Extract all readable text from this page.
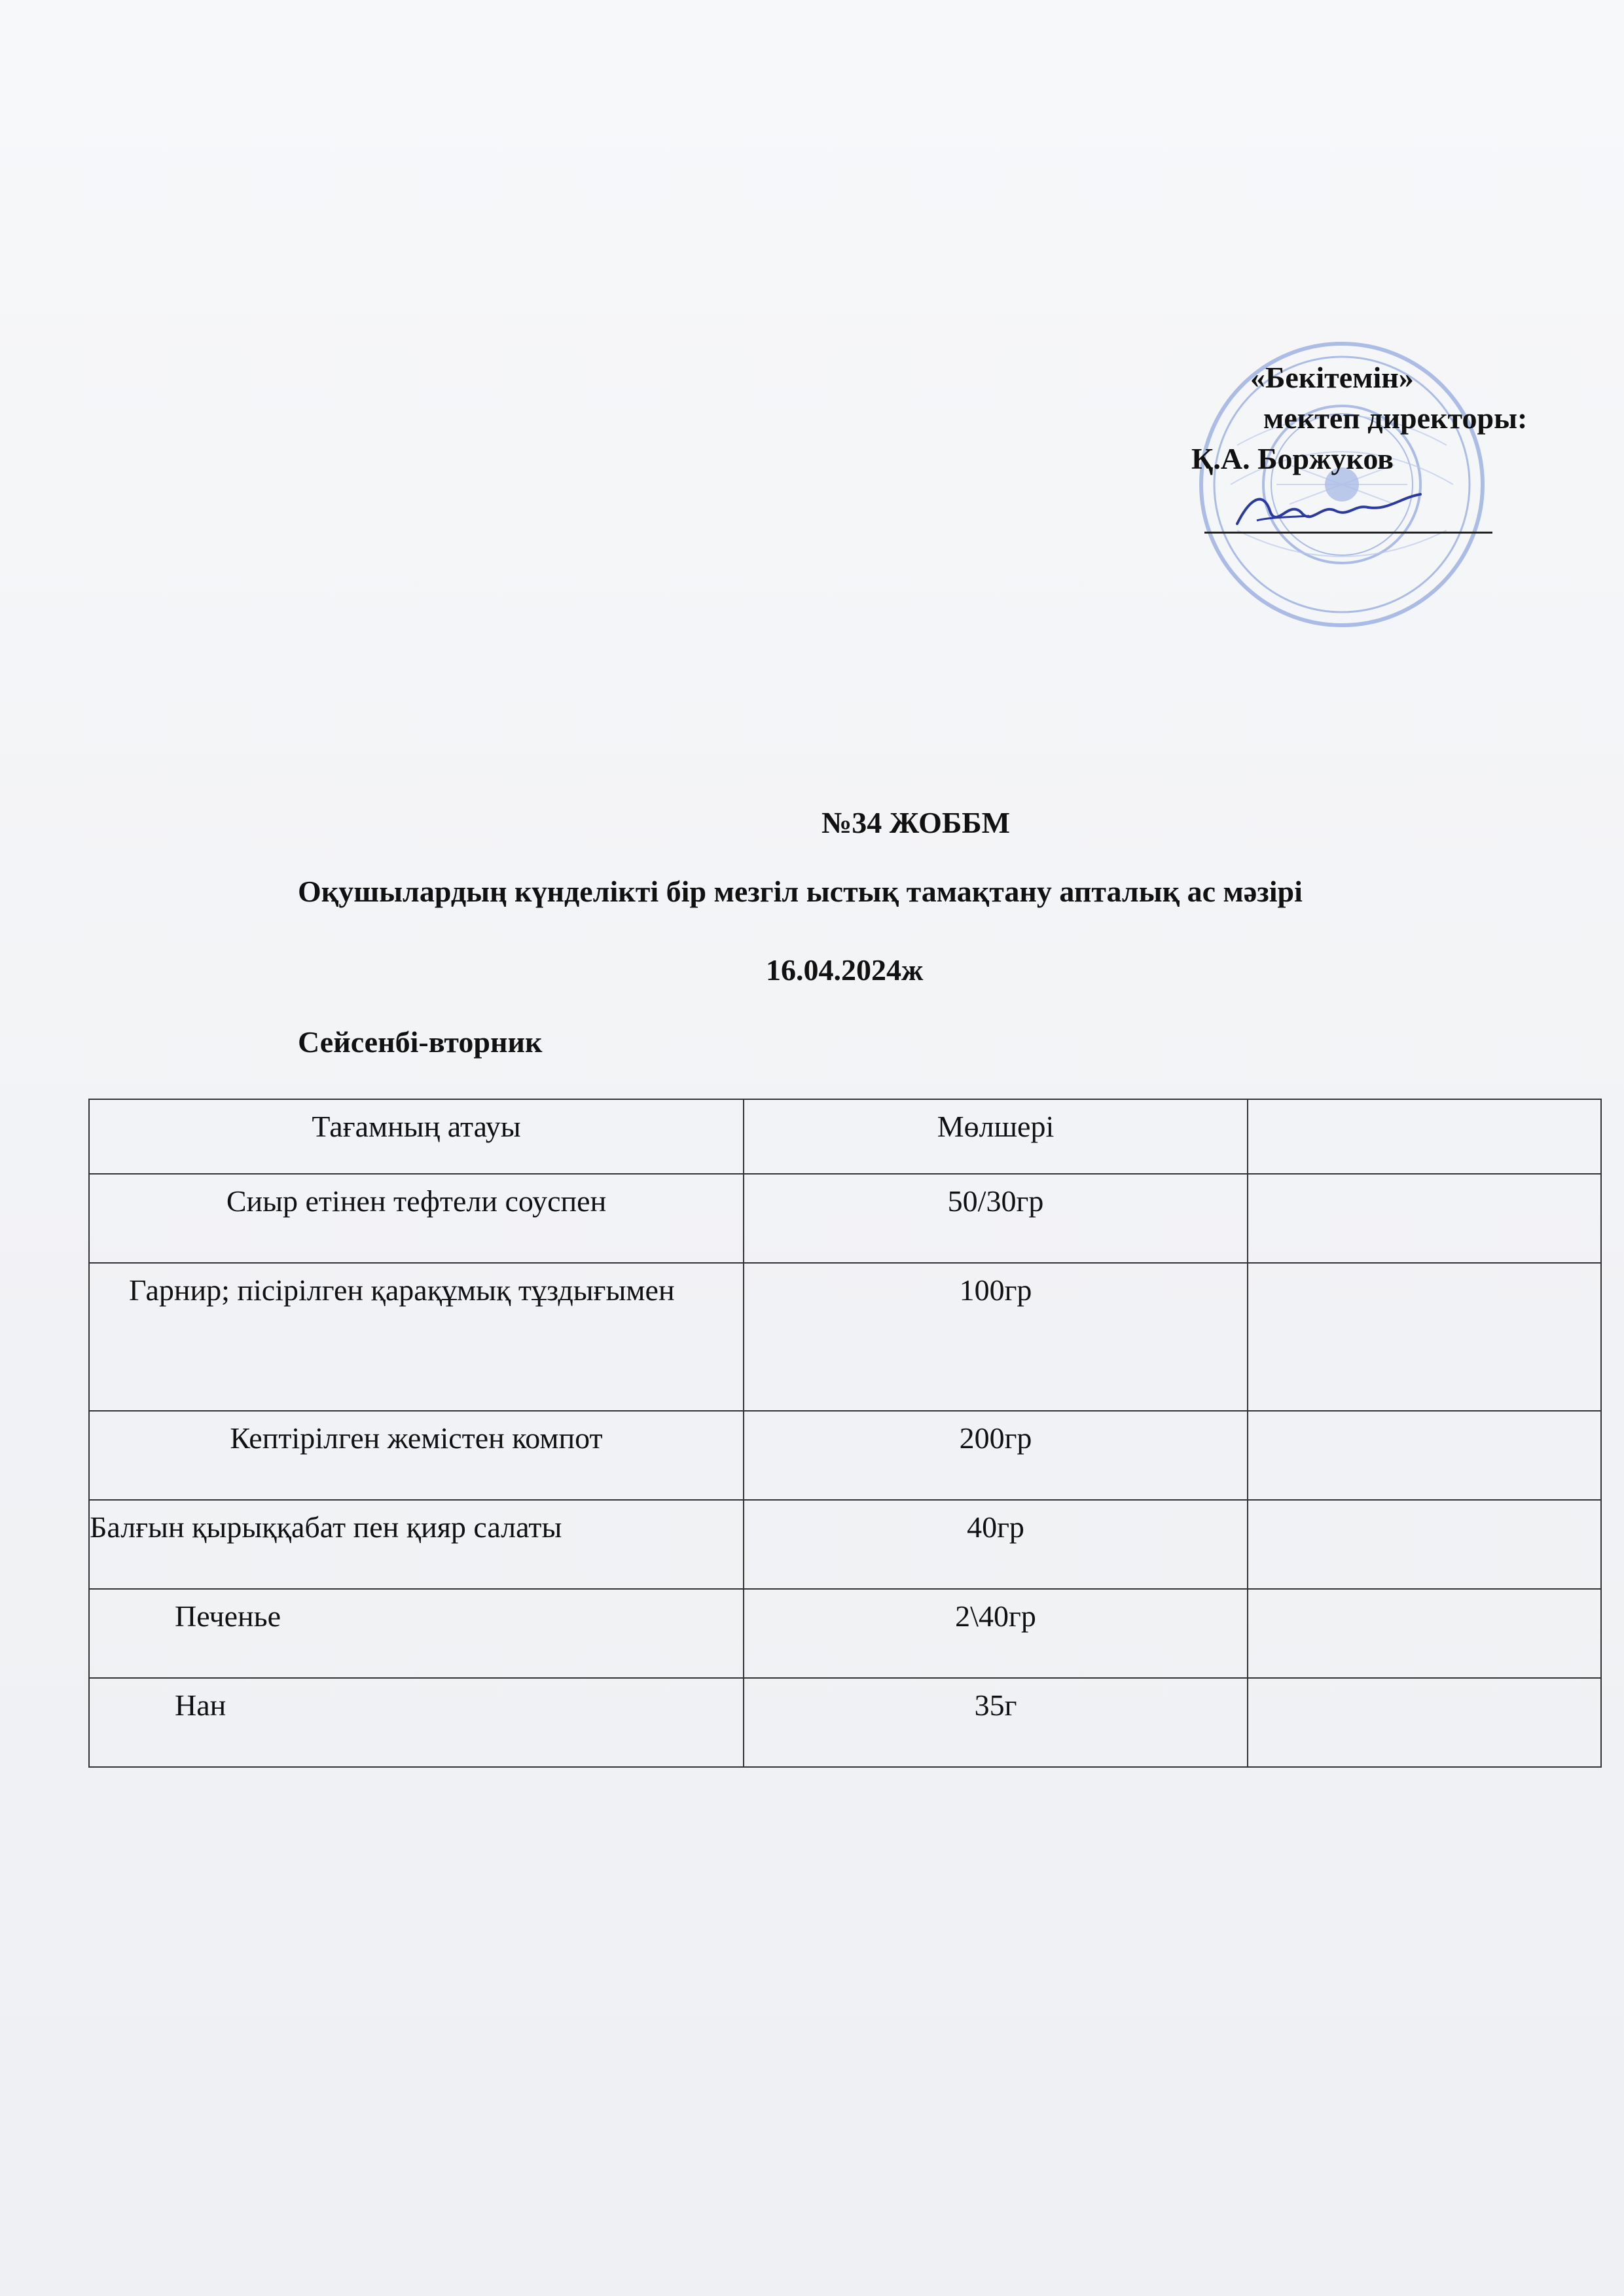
«Бекітемін»
мектеп директоры:
Қ.А. Боржуков
№34 ЖОББМ
Оқушылардың күнделікті бір мезгіл ыстық тамақтану апталық ас мәзірі
16.04.2024ж
Сейсенбі-вторник
Тағамның атауы	Мөлшері	
Сиыр етінен тефтели соуспен	50/30гр	
Гарнир; пісірілген қарақұмық тұздығымен	100гр	
Кептірілген жемістен компот	200гр	
Балғын қырыққабат пен қияр салаты	40гр	
Печенье	2\40гр	
Нан	35г	
